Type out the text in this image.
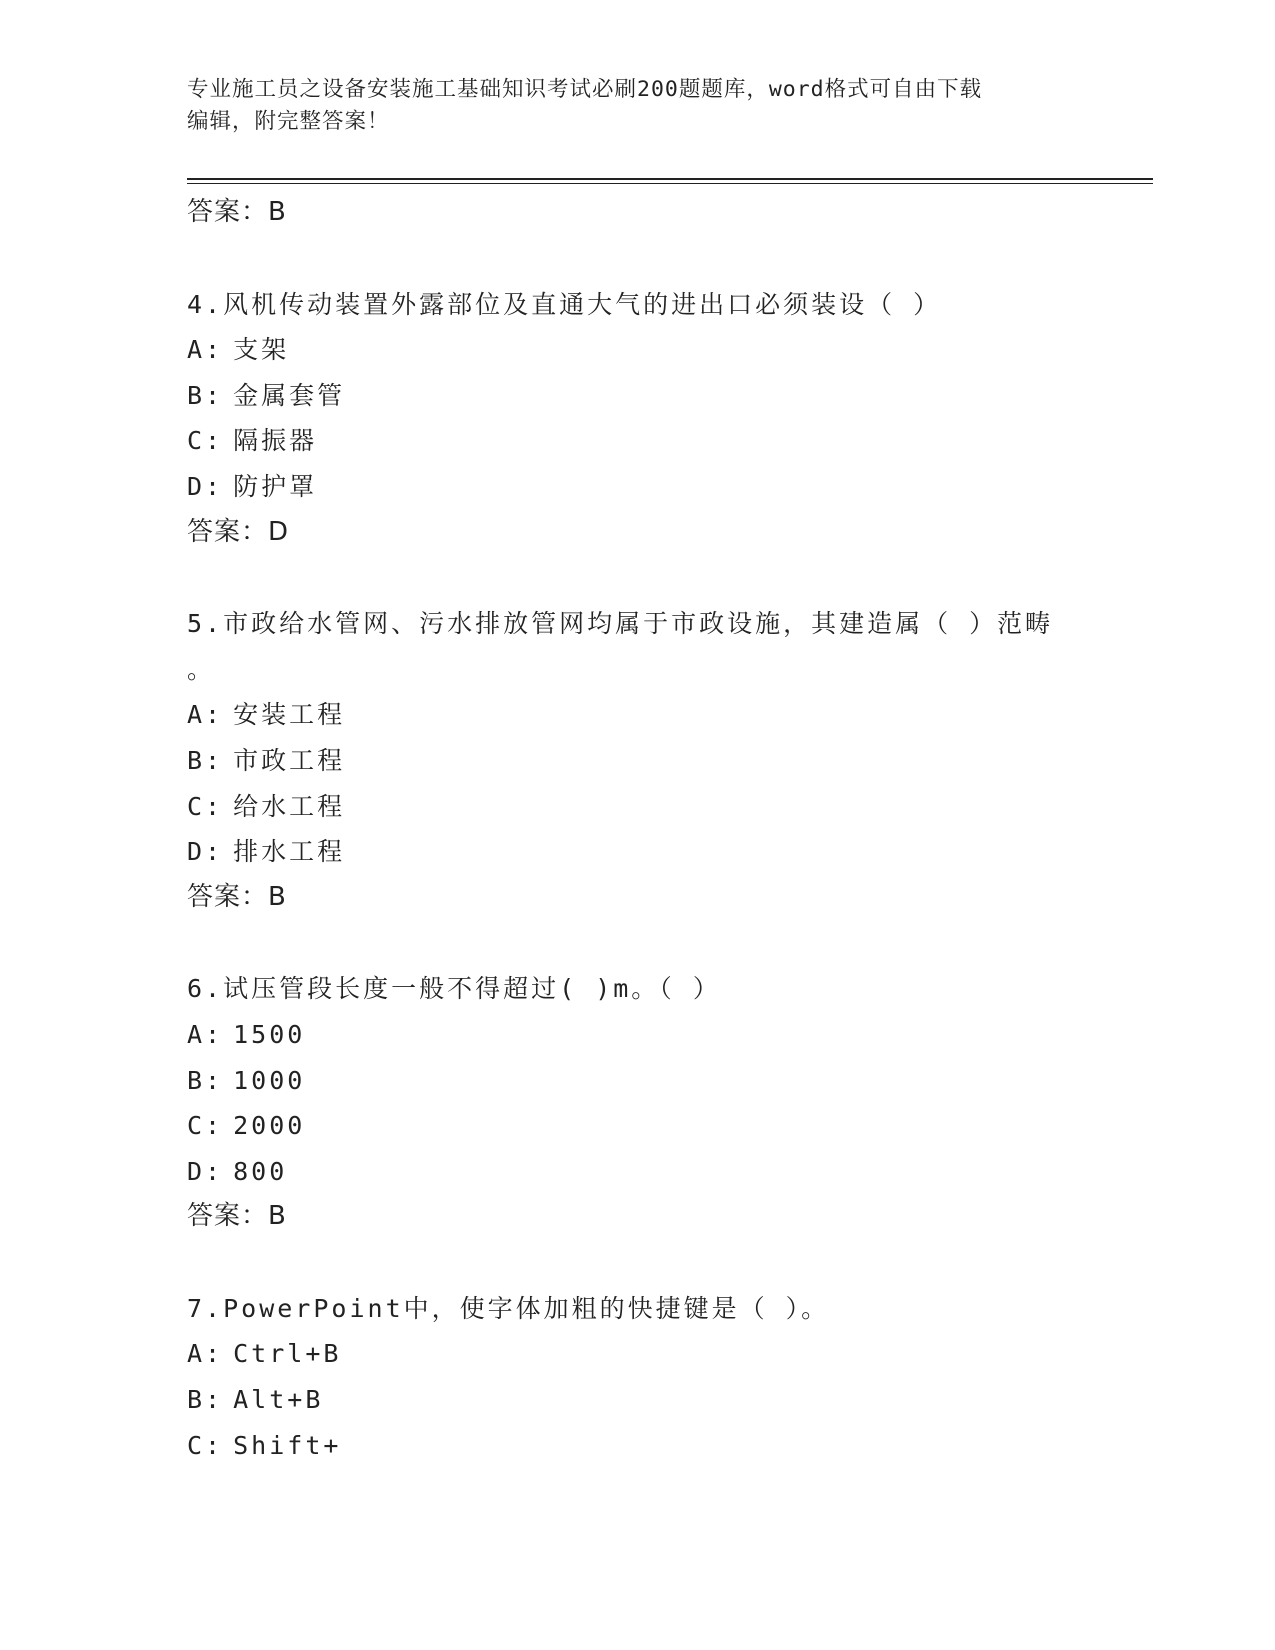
专业施工员之设备安装施工基础知识考试必刷200题题库，word格式可自由下载
编辑，附完整答案！
答案：B
4.风机传动装置外露部位及直通大气的进出口必须装设（ ）
A: 支架
B: 金属套管
C: 隔振器
D: 防护罩
答案：D
5.市政给水管网、污水排放管网均属于市政设施，其建造属（ ）范畴
。
A: 安装工程
B: 市政工程
C: 给水工程
D: 排水工程
答案：B
6.试压管段长度一般不得超过( )m。（ ）
A: 1500
B: 1000
C: 2000
D: 800
答案：B
7.PowerPoint中，使字体加粗的快捷键是（ ）。
A: Ctrl+B
B: Alt+B
C: Shift+
